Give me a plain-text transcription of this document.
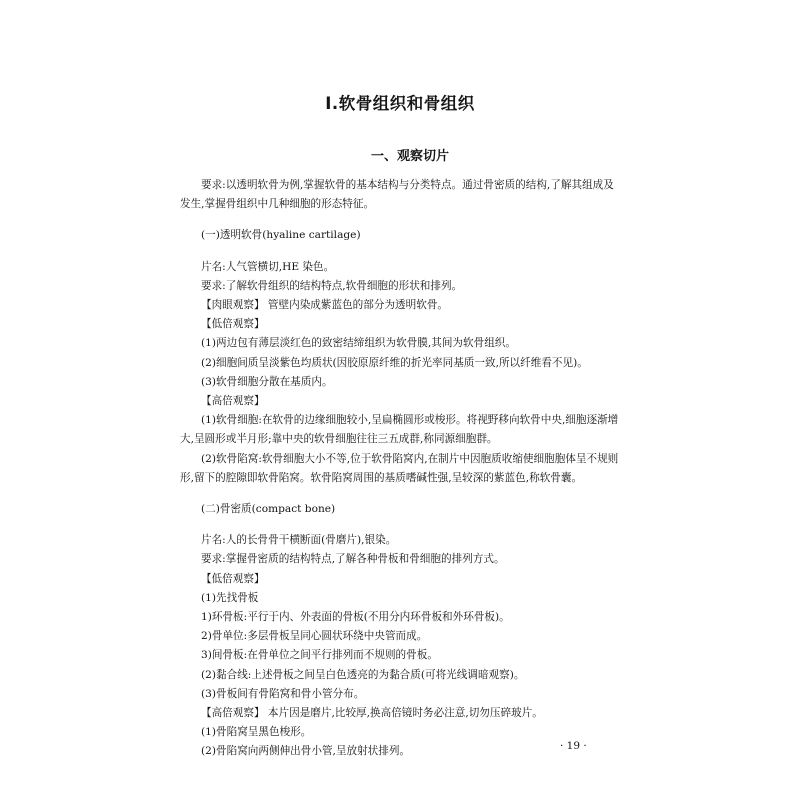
Ⅰ.软骨组织和骨组织
一、观察切片

要求:以透明软骨为例,掌握软骨的基本结构与分类特点。通过骨密质的结构,了解其组成及发生,掌握骨组织中几种细胞的形态特征。

(一)透明软骨(hyaline cartilage)

片名:人气管横切,HE 染色。

要求:了解软骨组织的结构特点,软骨细胞的形状和排列。

【肉眼观察】 管壁内染成紫蓝色的部分为透明软骨。

【低倍观察】

(1)两边包有薄层淡红色的致密结缔组织为软骨膜,其间为软骨组织。

(2)细胞间质呈淡紫色均质状(因胶原原纤维的折光率同基质一致,所以纤维看不见)。

(3)软骨细胞分散在基质内。

【高倍观察】

(1)软骨细胞:在软骨的边缘细胞较小,呈扁椭圆形或梭形。将视野移向软骨中央,细胞逐渐增大,呈圆形或半月形;靠中央的软骨细胞往往三五成群,称同源细胞群。

(2)软骨陷窝:软骨细胞大小不等,位于软骨陷窝内,在制片中因胞质收缩使细胞胞体呈不规则形,留下的腔隙即软骨陷窝。软骨陷窝周围的基质嗜碱性强,呈较深的紫蓝色,称软骨囊。

(二)骨密质(compact bone)

片名:人的长骨骨干横断面(骨磨片),银染。

要求:掌握骨密质的结构特点,了解各种骨板和骨细胞的排列方式。

【低倍观察】

(1)先找骨板

1)环骨板:平行于内、外表面的骨板(不用分内环骨板和外环骨板)。

2)骨单位:多层骨板呈同心圆状环绕中央管而成。

3)间骨板:在骨单位之间平行排列而不规则的骨板。

(2)黏合线:上述骨板之间呈白色透亮的为黏合质(可将光线调暗观察)。

(3)骨板间有骨陷窝和骨小管分布。

【高倍观察】 本片因是磨片,比较厚,换高倍镜时务必注意,切勿压碎玻片。

(1)骨陷窝呈黑色梭形。

(2)骨陷窝向两侧伸出骨小管,呈放射状排列。	· 19 ·
